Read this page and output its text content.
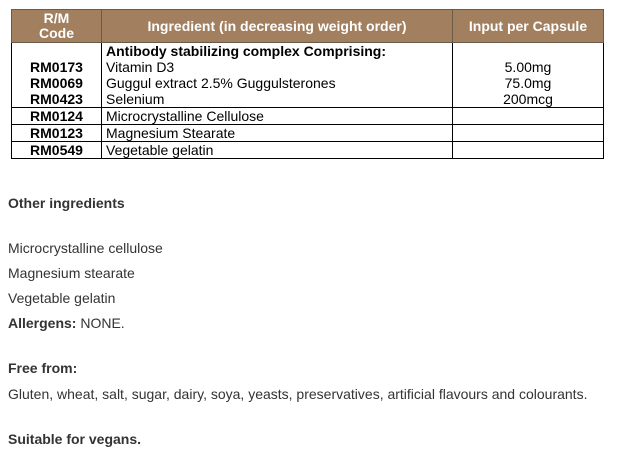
R/M
Code	Ingredient (in decreasing weight order)	Input per Capsule
	Antibody stabilizing complex Comprising:	
RM0173	Vitamin D3	5.00mg
RM0069	Guggul extract 2.5% Guggulsterones	75.0mg
RM0423	Selenium	200mcg
RM0124	Microcrystalline Cellulose	
RM0123	Magnesium Stearate	
RM0549	Vegetable gelatin	
Other ingredients
Microcrystalline cellulose
Magnesium stearate
Vegetable gelatin
Allergens: NONE.
Free from:
Gluten, wheat, salt, sugar, dairy, soya, yeasts, preservatives, artificial flavours and colourants.
Suitable for vegans.
